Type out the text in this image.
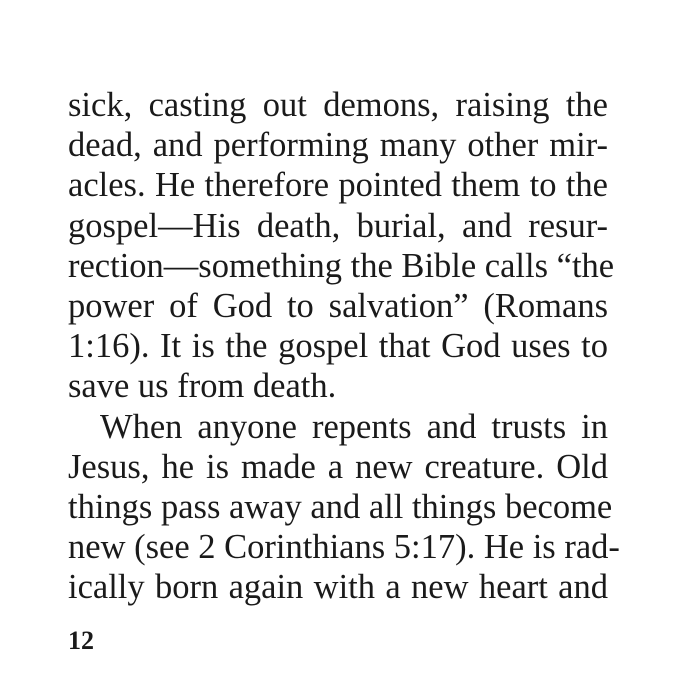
sick, casting out demons, raising the
dead, and performing many other mir-
acles. He therefore pointed them to the
gospel—His death, burial, and resur-
rection—something the Bible calls “the
power of God to salvation” (Romans
1:16). It is the gospel that God uses to
save us from death.
When anyone repents and trusts in
Jesus, he is made a new creature. Old
things pass away and all things become
new (see 2 Corinthians 5:17). He is rad-
ically born again with a new heart and
12
